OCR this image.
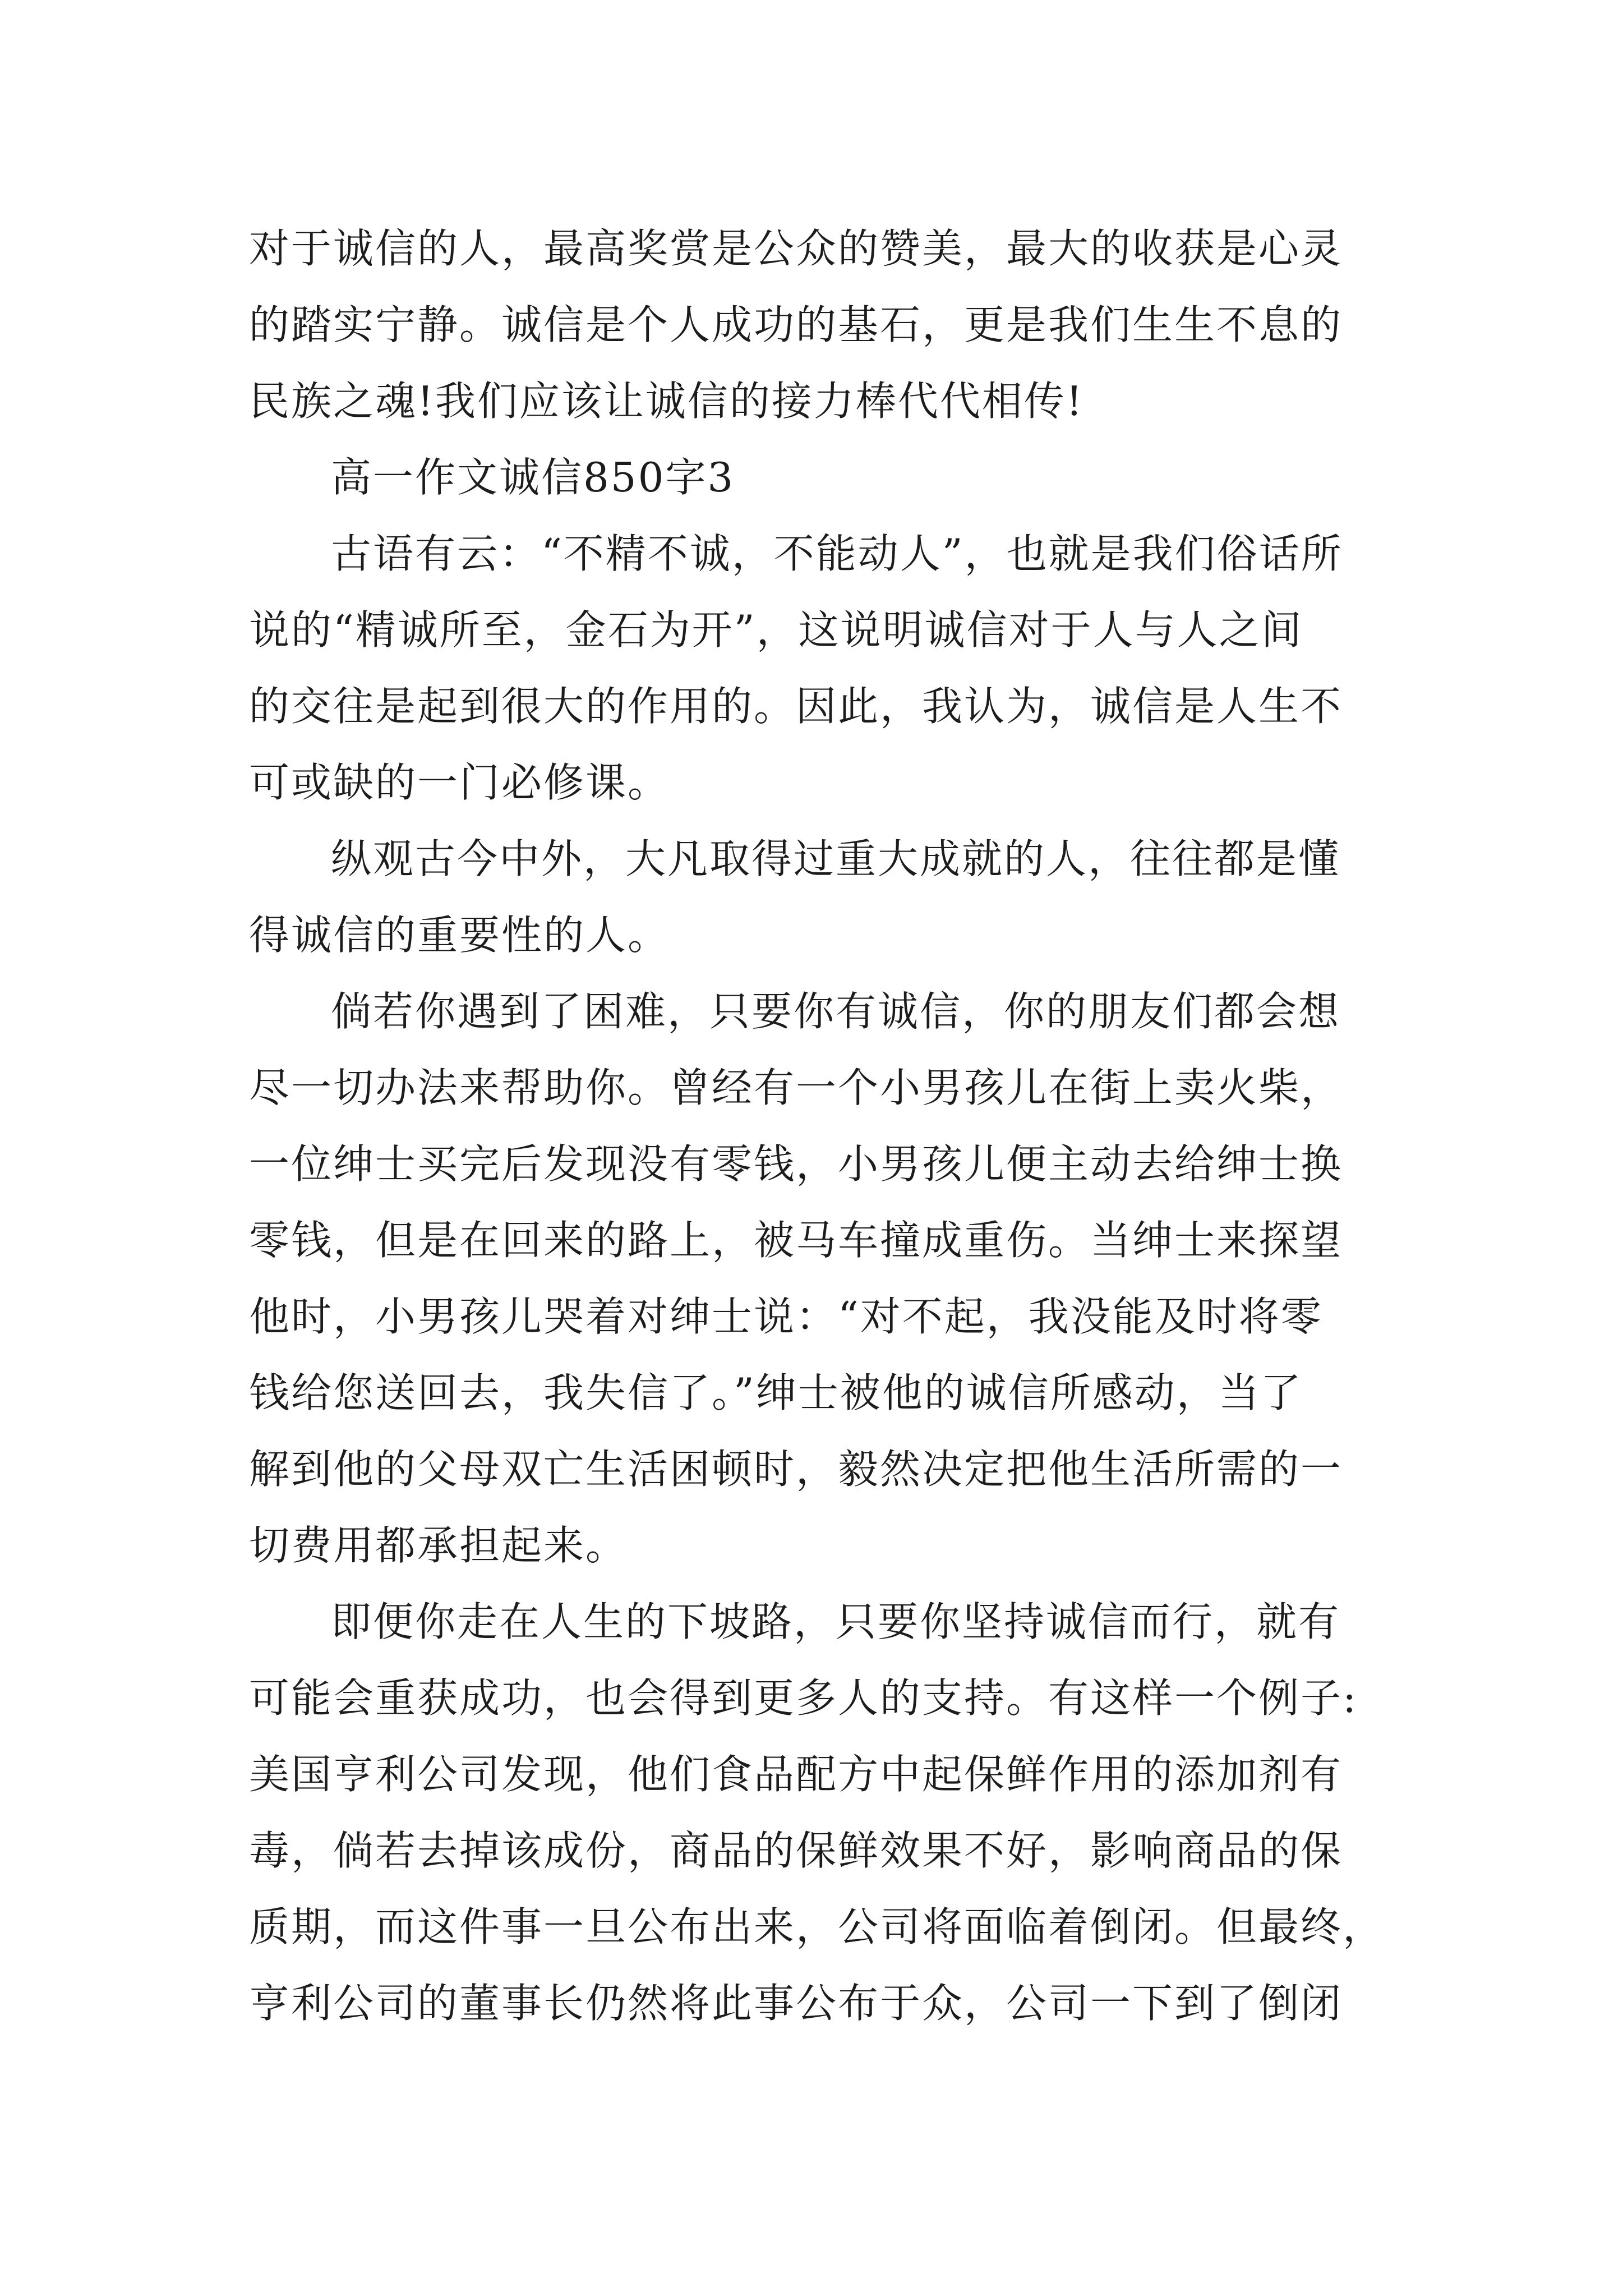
对于诚信的人，最高奖赏是公众的赞美，最大的收获是心灵
的踏实宁静。诚信是个人成功的基石，更是我们生生不息的
民族之魂!我们应该让诚信的接力棒代代相传!
高一作文诚信850字3
古语有云：“不精不诚，不能动人”，也就是我们俗话所
说的“精诚所至，金石为开”，这说明诚信对于人与人之间
的交往是起到很大的作用的。因此，我认为，诚信是人生不
可或缺的一门必修课。
纵观古今中外，大凡取得过重大成就的人，往往都是懂
得诚信的重要性的人。
倘若你遇到了困难，只要你有诚信，你的朋友们都会想
尽一切办法来帮助你。曾经有一个小男孩儿在街上卖火柴，
一位绅士买完后发现没有零钱，小男孩儿便主动去给绅士换
零钱，但是在回来的路上，被马车撞成重伤。当绅士来探望
他时，小男孩儿哭着对绅士说：“对不起，我没能及时将零
钱给您送回去，我失信了。”绅士被他的诚信所感动，当了
解到他的父母双亡生活困顿时，毅然决定把他生活所需的一
切费用都承担起来。
即便你走在人生的下坡路，只要你坚持诚信而行，就有
可能会重获成功，也会得到更多人的支持。有这样一个例子:
美国亨利公司发现，他们食品配方中起保鲜作用的添加剂有
毒，倘若去掉该成份，商品的保鲜效果不好，影响商品的保
质期，而这件事一旦公布出来，公司将面临着倒闭。但最终，
亨利公司的董事长仍然将此事公布于众，公司一下到了倒闭
